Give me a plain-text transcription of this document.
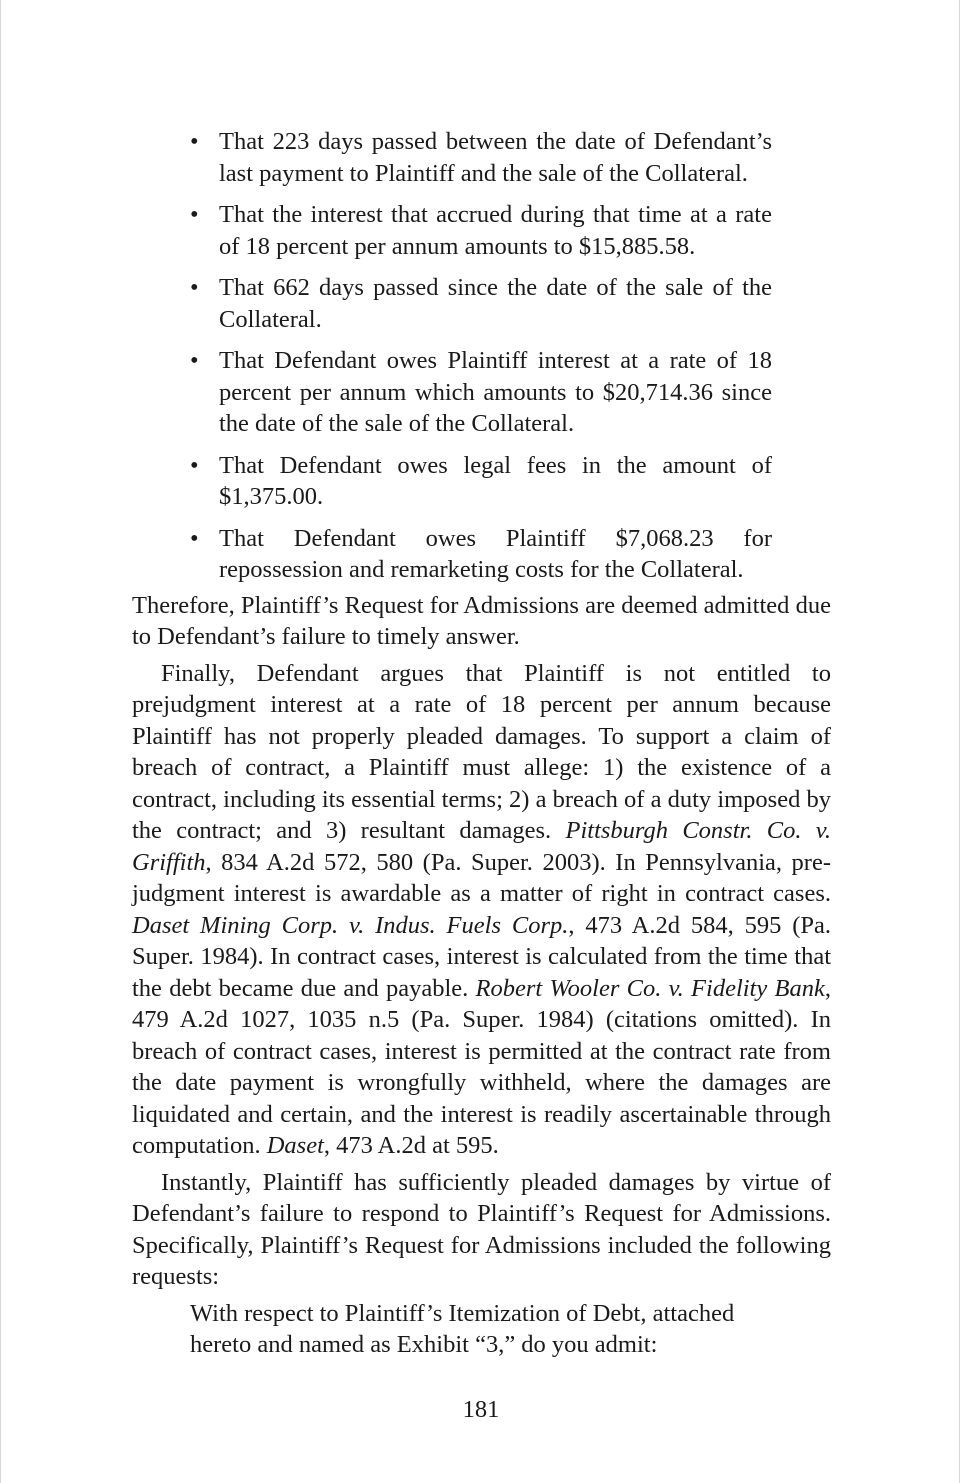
• That 223 days passed between the date of Defendant’s last payment to Plaintiff and the sale of the Collateral.
• That the interest that accrued during that time at a rate of 18 percent per annum amounts to $15,885.58.
• That 662 days passed since the date of the sale of the Collateral.
• That Defendant owes Plaintiff interest at a rate of 18 percent per annum which amounts to $20,714.36 since the date of the sale of the Collateral.
• That Defendant owes legal fees in the amount of $1,375.00.
• That Defendant owes Plaintiff $7,068.23 for repossession and remarketing costs for the Collateral.

Therefore, Plaintiff’s Request for Admissions are deemed admitted due to Defendant’s failure to timely answer.

Finally, Defendant argues that Plaintiff is not entitled to prejudgment interest at a rate of 18 percent per annum because Plaintiff has not properly pleaded damages. To support a claim of breach of contract, a Plaintiff must allege: 1) the existence of a contract, including its essential terms; 2) a breach of a duty imposed by the contract; and 3) resultant damages. Pittsburgh Constr. Co. v. Griffith, 834 A.2d 572, 580 (Pa. Super. 2003). In Pennsylvania, pre-judgment interest is awardable as a matter of right in contract cases. Daset Mining Corp. v. Indus. Fuels Corp., 473 A.2d 584, 595 (Pa. Super. 1984). In contract cases, interest is calculated from the time that the debt became due and payable. Robert Wooler Co. v. Fidelity Bank, 479 A.2d 1027, 1035 n.5 (Pa. Super. 1984) (citations omitted). In breach of contract cases, interest is permitted at the contract rate from the date payment is wrongfully withheld, where the damages are liquidated and certain, and the interest is readily ascertainable through computation. Daset, 473 A.2d at 595.

Instantly, Plaintiff has sufficiently pleaded damages by virtue of Defendant’s failure to respond to Plaintiff’s Request for Admissions. Specifically, Plaintiff’s Request for Admissions included the following requests:

With respect to Plaintiff’s Itemization of Debt, attached hereto and named as Exhibit “3,” do you admit:

181
